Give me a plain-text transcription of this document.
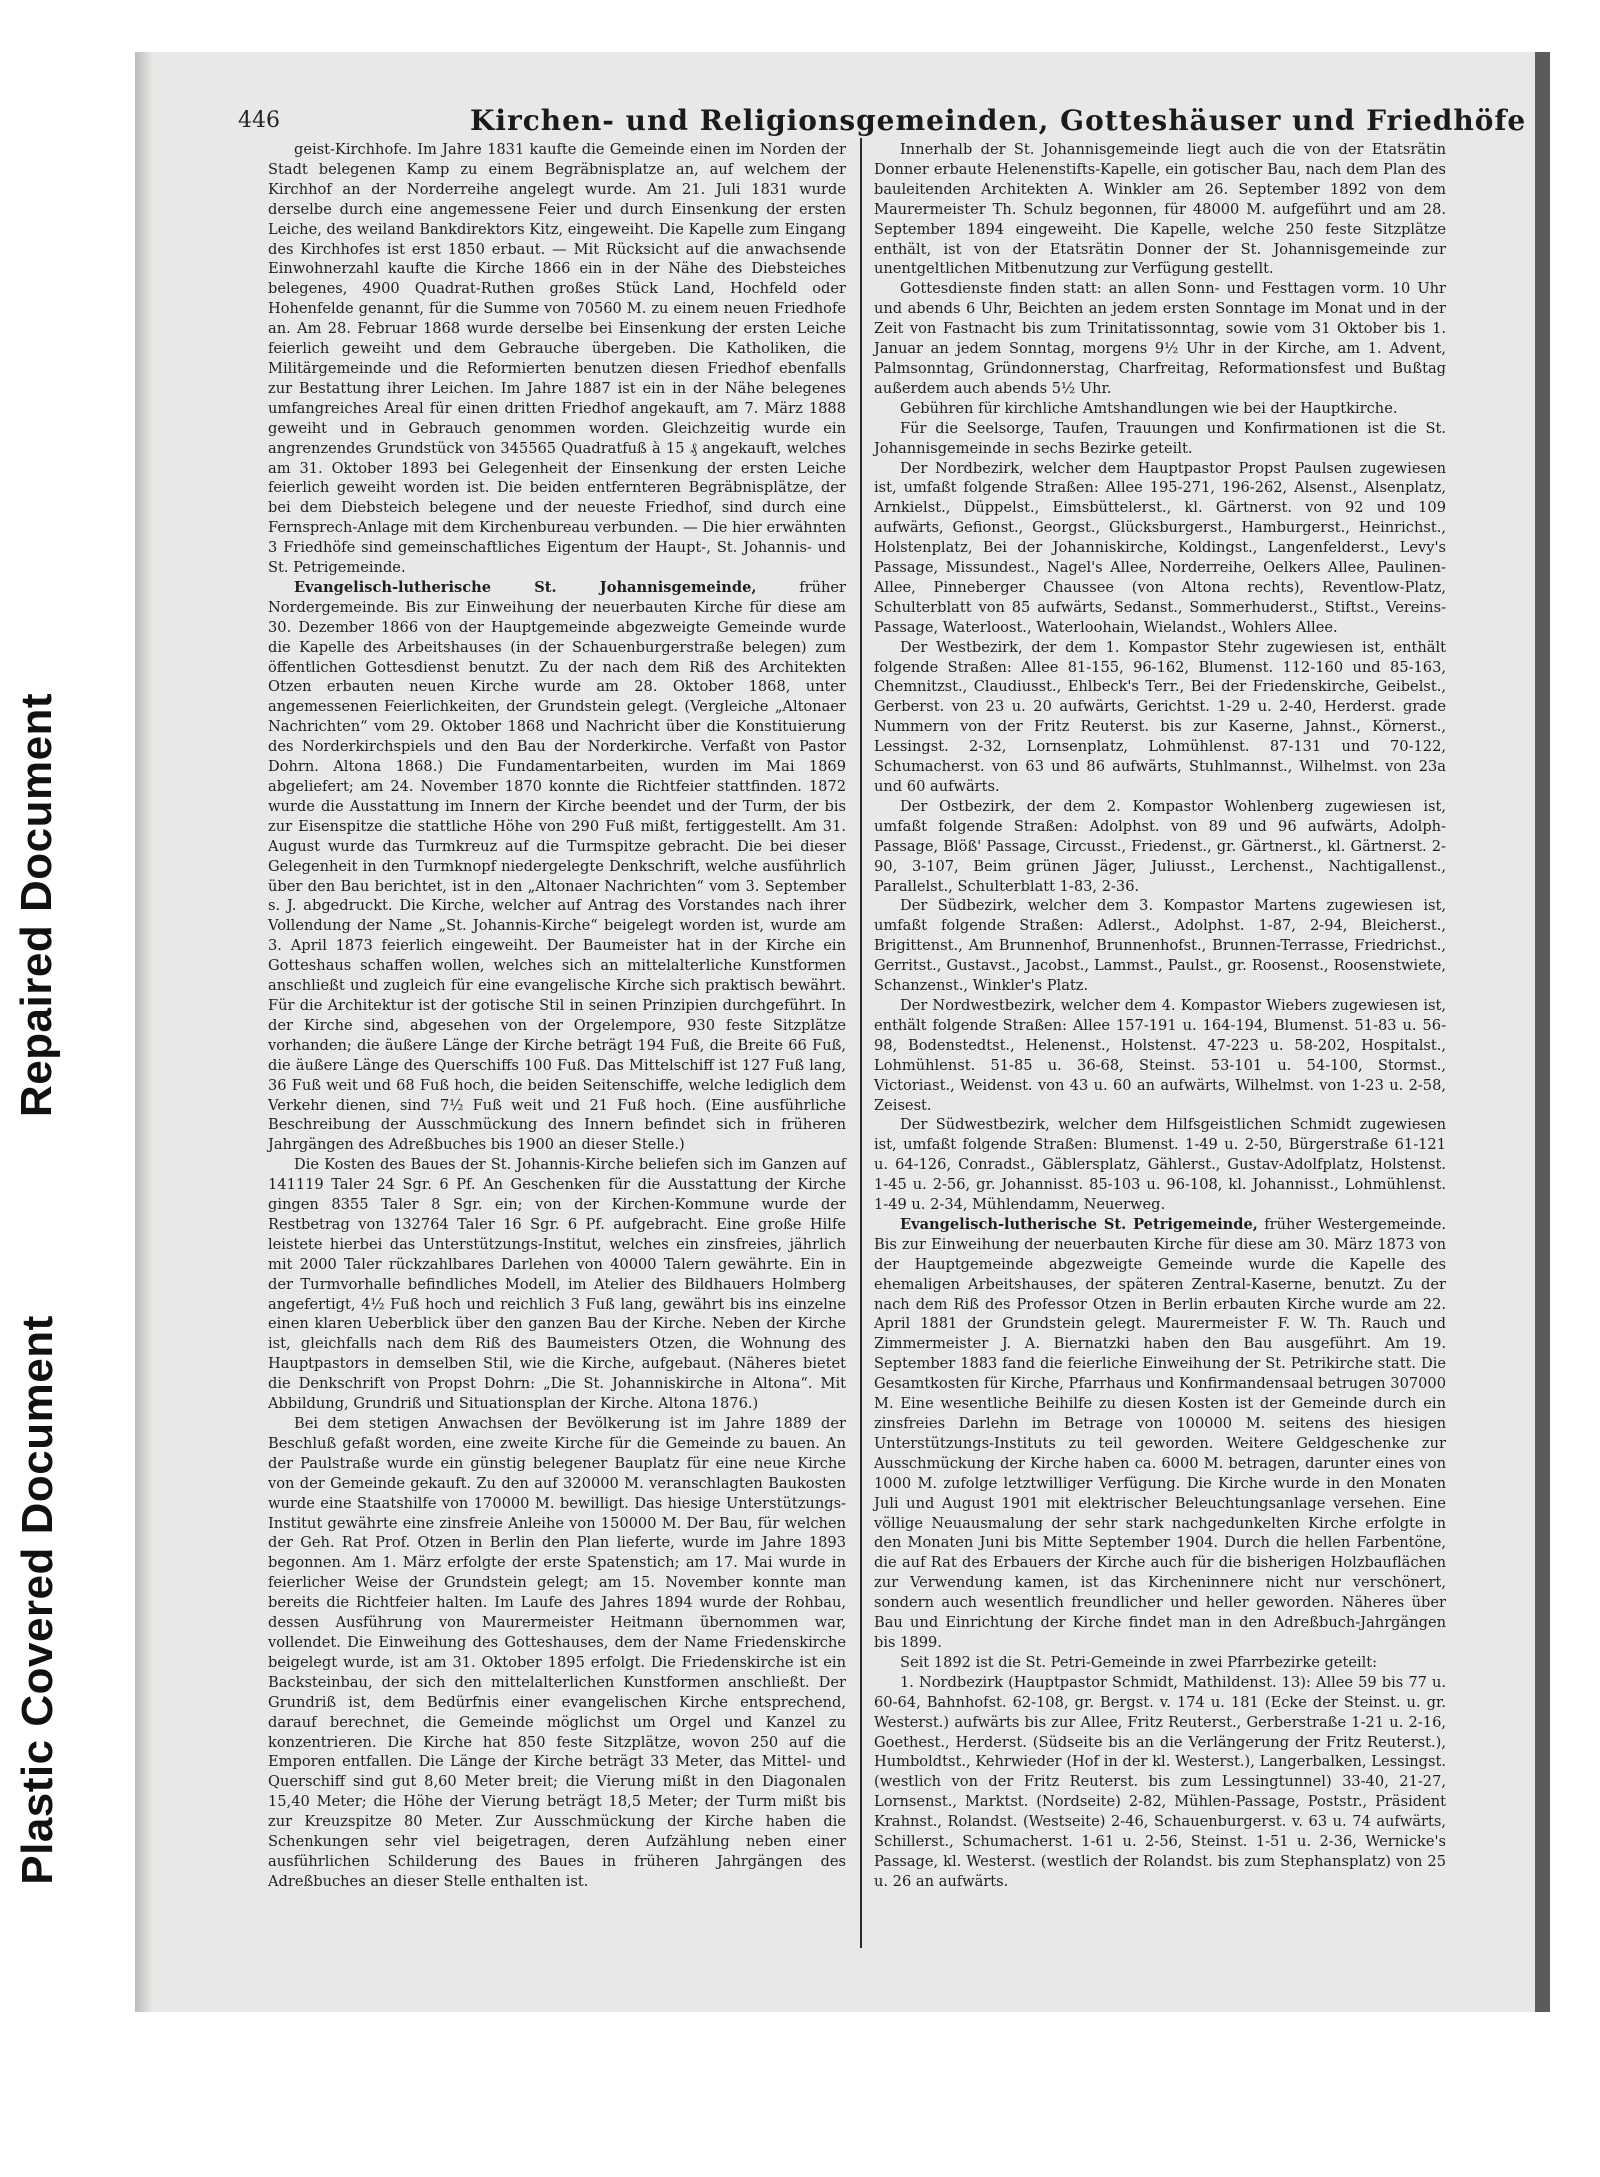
Repaired Document
Plastic Covered Document
446	Kirchen- und Religionsgemeinden, Gotteshäuser und Friedhöfe

geist-Kirchhofe. Im Jahre 1831 kaufte die Gemeinde einen im Norden der Stadt belegenen Kamp zu einem Begräbnisplatze an, auf welchem der Kirchhof an der Norderreihe angelegt wurde. Am 21. Juli 1831 wurde derselbe durch eine angemessene Feier und durch Einsenkung der ersten Leiche, des weiland Bankdirektors Kitz, eingeweiht. Die Kapelle zum Eingang des Kirchhofes ist erst 1850 erbaut. — Mit Rücksicht auf die anwachsende Einwohnerzahl kaufte die Kirche 1866 ein in der Nähe des Diebsteiches belegenes, 4900 Quadrat-Ruthen großes Stück Land, Hochfeld oder Hohenfelde genannt, für die Summe von 70560 M. zu einem neuen Friedhofe an. Am 28. Februar 1868 wurde derselbe bei Einsenkung der ersten Leiche feierlich geweiht und dem Gebrauche übergeben. Die Katholiken, die Militärgemeinde und die Reformierten benutzen diesen Friedhof ebenfalls zur Bestattung ihrer Leichen. Im Jahre 1887 ist ein in der Nähe belegenes umfangreiches Areal für einen dritten Friedhof angekauft, am 7. März 1888 geweiht und in Gebrauch genommen worden. Gleichzeitig wurde ein angrenzendes Grundstück von 345565 Quadratfuß à 15 ₰ angekauft, welches am 31. Oktober 1893 bei Gelegenheit der Einsenkung der ersten Leiche feierlich geweiht worden ist. Die beiden entfernteren Begräbnisplätze, der bei dem Diebsteich belegene und der neueste Friedhof, sind durch eine Fernsprech-Anlage mit dem Kirchenbureau verbunden. — Die hier erwähnten 3 Friedhöfe sind gemeinschaftliches Eigentum der Haupt-, St. Johannis- und St. Petrigemeinde.

Evangelisch-lutherische St. Johannisgemeinde,	früher Nordergemeinde. Bis zur Einweihung der neuerbauten Kirche für diese am 30. Dezember 1866 von der Hauptgemeinde abgezweigte Gemeinde wurde die Kapelle des Arbeitshauses (in der Schauenburgerstraße belegen) zum öffentlichen Gottesdienst benutzt. Zu der nach dem Riß des Architekten Otzen erbauten neuen Kirche wurde am 28. Oktober 1868, unter angemessenen Feierlichkeiten, der Grundstein gelegt. (Vergleiche „Altonaer Nachrichten“ vom 29. Oktober 1868 und Nachricht über die Konstituierung des Norderkirchspiels und den Bau der Norderkirche. Verfaßt von Pastor Dohrn. Altona 1868.) Die Fundamentarbeiten, wurden im Mai 1869 abgeliefert; am 24. November 1870 konnte die Richtfeier stattfinden. 1872 wurde die Ausstattung im Innern der Kirche beendet und der Turm, der bis zur Eisenspitze die stattliche Höhe von 290 Fuß mißt, fertiggestellt. Am 31. August wurde das Turmkreuz auf die Turmspitze gebracht. Die bei dieser Gelegenheit in den Turmknopf niedergelegte Denkschrift, welche ausführlich über den Bau berichtet, ist in den „Altonaer Nachrichten“ vom 3. September s. J. abgedruckt. Die Kirche, welcher auf Antrag des Vorstandes nach ihrer Vollendung der Name „St. Johannis-Kirche“ beigelegt worden ist, wurde am 3. April 1873 feierlich eingeweiht. Der Baumeister hat in der Kirche ein Gotteshaus schaffen wollen, welches sich an mittelalterliche Kunstformen anschließt und zugleich für eine evangelische Kirche sich praktisch bewährt. Für die Architektur ist der gotische Stil in seinen Prinzipien durchgeführt. In der Kirche sind, abgesehen von der Orgelempore, 930 feste Sitzplätze vorhanden; die äußere Länge der Kirche beträgt 194 Fuß, die Breite 66 Fuß, die äußere Länge des Querschiffs 100 Fuß. Das Mittelschiff ist 127 Fuß lang, 36 Fuß weit und 68 Fuß hoch, die beiden Seitenschiffe, welche lediglich dem Verkehr dienen, sind 7½ Fuß weit und 21 Fuß hoch. (Eine ausführliche Beschreibung der Ausschmückung des Innern befindet sich in früheren Jahrgängen des Adreßbuches bis 1900 an dieser Stelle.)

Die Kosten des Baues der St. Johannis-Kirche beliefen sich im Ganzen auf 141119 Taler 24 Sgr. 6 Pf. An Geschenken für die Ausstattung der Kirche gingen 8355 Taler 8 Sgr. ein; von der Kirchen-Kommune wurde der Restbetrag von 132764 Taler 16 Sgr. 6 Pf. aufgebracht. Eine große Hilfe leistete hierbei das Unterstützungs-Institut, welches ein zinsfreies, jährlich mit 2000 Taler rückzahlbares Darlehen von 40000 Talern gewährte. Ein in der Turmvorhalle befindliches Modell, im Atelier des Bildhauers Holmberg angefertigt, 4½ Fuß hoch und reichlich 3 Fuß lang, gewährt bis ins einzelne einen klaren Ueberblick über den ganzen Bau der Kirche. Neben der Kirche ist, gleichfalls nach dem Riß des Baumeisters Otzen, die Wohnung des Hauptpastors in demselben Stil, wie die Kirche, aufgebaut. (Näheres bietet die Denkschrift von Propst Dohrn: „Die St. Johanniskirche in Altona“. Mit Abbildung, Grundriß und Situationsplan der Kirche. Altona 1876.)

Bei dem stetigen Anwachsen der Bevölkerung ist im Jahre 1889 der Beschluß gefaßt worden, eine zweite Kirche für die Gemeinde zu bauen. An der Paulstraße wurde ein günstig belegener Bauplatz für eine neue Kirche von der Gemeinde gekauft. Zu den auf 320000 M. veranschlagten Baukosten wurde eine Staatshilfe von 170000 M. bewilligt. Das hiesige Unterstützungs-Institut gewährte eine zinsfreie Anleihe von 150000 M. Der Bau, für welchen der Geh. Rat Prof. Otzen in Berlin den Plan lieferte, wurde im Jahre 1893 begonnen. Am 1. März erfolgte der erste Spatenstich; am 17. Mai wurde in feierlicher Weise der Grundstein gelegt; am 15. November konnte man bereits die Richtfeier halten. Im Laufe des Jahres 1894 wurde der Rohbau, dessen Ausführung von Maurermeister Heitmann übernommen war, vollendet. Die Einweihung des Gotteshauses, dem der Name Friedenskirche beigelegt wurde, ist am 31. Oktober 1895 erfolgt. Die Friedenskirche ist ein Backsteinbau, der sich den mittelalterlichen Kunstformen anschließt. Der Grundriß ist, dem Bedürfnis einer evangelischen Kirche entsprechend, darauf berechnet, die Gemeinde möglichst um Orgel und Kanzel zu konzentrieren. Die Kirche hat 850 feste Sitzplätze, wovon 250 auf die Emporen entfallen. Die Länge der Kirche beträgt 33 Meter, das Mittel- und Querschiff sind gut 8,60 Meter breit; die Vierung mißt in den Diagonalen 15,40 Meter; die Höhe der Vierung beträgt 18,5 Meter; der Turm mißt bis zur Kreuzspitze 80 Meter. Zur Ausschmückung der Kirche haben die Schenkungen sehr viel beigetragen, deren Aufzählung neben einer ausführlichen Schilderung des Baues in früheren Jahrgängen des Adreßbuches an dieser Stelle enthalten ist.

Innerhalb der St. Johannisgemeinde liegt auch die von der Etatsrätin Donner erbaute Helenenstifts-Kapelle, ein gotischer Bau, nach dem Plan des bauleitenden Architekten A. Winkler am 26. September 1892 von dem Maurermeister Th. Schulz begonnen, für 48000 M. aufgeführt und am 28. September 1894 eingeweiht. Die Kapelle, welche 250 feste Sitzplätze enthält, ist von der Etatsrätin Donner der St. Johannisgemeinde zur unentgeltlichen Mitbenutzung zur Verfügung gestellt.

Gottesdienste finden statt: an allen Sonn- und Festtagen vorm. 10 Uhr und abends 6 Uhr, Beichten an jedem ersten Sonntage im Monat und in der Zeit von Fastnacht bis zum Trinitatissonntag, sowie vom 31 Oktober bis 1. Januar an jedem Sonntag, morgens 9½ Uhr in der Kirche, am 1. Advent, Palmsonntag, Gründonnerstag, Charfreitag, Reformationsfest und Bußtag außerdem auch abends 5½ Uhr.

Gebühren für kirchliche Amtshandlungen wie bei der Hauptkirche.

Für die Seelsorge, Taufen, Trauungen und Konfirmationen ist die St. Johannisgemeinde in sechs Bezirke geteilt.

Der Nordbezirk, welcher dem Hauptpastor Propst Paulsen zugewiesen ist, umfaßt folgende Straßen: Allee 195-271, 196-262, Alsenst., Alsenplatz, Arnkielst., Düppelst., Eimsbüttelerst., kl. Gärtnerst. von 92 und 109 aufwärts, Gefionst., Georgst., Glücksburgerst., Hamburgerst., Heinrichst., Holstenplatz, Bei der Johanniskirche, Koldingst., Langenfelderst., Levy's Passage, Missundest., Nagel's Allee, Norderreihe, Oelkers Allee, Paulinen-Allee, Pinneberger Chaussee (von Altona rechts), Reventlow-Platz, Schulterblatt von 85 aufwärts, Sedanst., Sommerhuderst., Stiftst., Vereins-Passage, Waterloost., Waterloohain, Wielandst., Wohlers Allee.

Der Westbezirk, der dem 1. Kompastor Stehr zugewiesen ist, enthält folgende Straßen: Allee 81-155, 96-162, Blumenst. 112-160 und 85-163, Chemnitzst., Claudiusst., Ehlbeck's Terr., Bei der Friedenskirche, Geibelst., Gerberst. von 23 u. 20 aufwärts, Gerichtst. 1-29 u. 2-40, Herderst. grade Nummern von der Fritz Reuterst. bis zur Kaserne, Jahnst., Körnerst., Lessingst. 2-32, Lornsenplatz, Lohmühlenst. 87-131 und 70-122, Schumacherst. von 63 und 86 aufwärts, Stuhlmannst., Wilhelmst. von 23a und 60 aufwärts.

Der Ostbezirk, der dem 2. Kompastor Wohlenberg zugewiesen ist, umfaßt folgende Straßen: Adolphst. von 89 und 96 aufwärts, Adolph-Passage, Blöß' Passage, Circusst., Friedenst., gr. Gärtnerst., kl. Gärtnerst. 2-90, 3-107, Beim grünen Jäger, Juliusst., Lerchenst., Nachtigallenst., Parallelst., Schulterblatt 1-83, 2-36.

Der Südbezirk, welcher dem 3. Kompastor Martens zugewiesen ist, umfaßt folgende Straßen: Adlerst., Adolphst. 1-87, 2-94, Bleicherst., Brigittenst., Am Brunnenhof, Brunnenhofst., Brunnen-Terrasse, Friedrichst., Gerritst., Gustavst., Jacobst., Lammst., Paulst., gr. Roosenst., Roosenstwiete, Schanzenst., Winkler's Platz.

Der Nordwestbezirk, welcher dem 4. Kompastor Wiebers zugewiesen ist, enthält folgende Straßen: Allee 157-191 u. 164-194, Blumenst. 51-83 u. 56-98, Bodenstedtst., Helenenst., Holstenst. 47-223 u. 58-202, Hospitalst., Lohmühlenst. 51-85 u. 36-68, Steinst. 53-101 u. 54-100, Stormst., Victoriast., Weidenst. von 43 u. 60 an aufwärts, Wilhelmst. von 1-23 u. 2-58, Zeisest.

Der Südwestbezirk, welcher dem Hilfsgeistlichen Schmidt zugewiesen ist, umfaßt folgende Straßen: Blumenst. 1-49 u. 2-50, Bürgerstraße 61-121 u. 64-126, Conradst., Gäblersplatz, Gählerst., Gustav-Adolfplatz, Holstenst. 1-45 u. 2-56, gr. Johannisst. 85-103 u. 96-108, kl. Johannisst., Lohmühlenst. 1-49 u. 2-34, Mühlendamm, Neuerweg.

Evangelisch-lutherische St. Petrigemeinde, früher Westergemeinde. Bis zur Einweihung der neuerbauten Kirche für diese am 30. März 1873 von der Hauptgemeinde abgezweigte Gemeinde wurde die Kapelle des ehemaligen Arbeitshauses, der späteren Zentral-Kaserne, benutzt. Zu der nach dem Riß des Professor Otzen in Berlin erbauten Kirche wurde am 22. April 1881 der Grundstein gelegt. Maurermeister F. W. Th. Rauch und Zimmermeister J. A. Biernatzki haben den Bau ausgeführt. Am 19. September 1883 fand die feierliche Einweihung der St. Petrikirche statt. Die Gesamtkosten für Kirche, Pfarrhaus und Konfirmandensaal betrugen 307000 M. Eine wesentliche Beihilfe zu diesen Kosten ist der Gemeinde durch ein zinsfreies Darlehn im Betrage von 100000 M. seitens des hiesigen Unterstützungs-Instituts zu teil geworden. Weitere Geldgeschenke zur Ausschmückung der Kirche haben ca. 6000 M. betragen, darunter eines von 1000 M. zufolge letztwilliger Verfügung. Die Kirche wurde in den Monaten Juli und August 1901 mit elektrischer Beleuchtungsanlage versehen. Eine völlige Neuausmalung der sehr stark nachgedunkelten Kirche erfolgte in den Monaten Juni bis Mitte September 1904. Durch die hellen Farbentöne, die auf Rat des Erbauers der Kirche auch für die bisherigen Holzbauflächen zur Verwendung kamen, ist das Kircheninnere nicht nur verschönert, sondern auch wesentlich freundlicher und heller geworden. Näheres über Bau und Einrichtung der Kirche findet man in den Adreßbuch-Jahrgängen bis 1899.

Seit 1892 ist die St. Petri-Gemeinde in zwei Pfarrbezirke geteilt:

1. Nordbezirk (Hauptpastor Schmidt, Mathildenst. 13): Allee 59 bis 77 u. 60-64, Bahnhofst. 62-108, gr. Bergst. v. 174 u. 181 (Ecke der Steinst. u. gr. Westerst.) aufwärts bis zur Allee, Fritz Reuterst., Gerberstraße 1-21 u. 2-16, Goethest., Herderst. (Südseite bis an die Verlängerung der Fritz Reuterst.), Humboldtst., Kehrwieder (Hof in der kl. Westerst.), Langerbalken, Lessingst. (westlich von der Fritz Reuterst. bis zum Lessingtunnel) 33-40, 21-27, Lornsenst., Marktst. (Nordseite) 2-82, Mühlen-Passage, Poststr., Präsident Krahnst., Rolandst. (Westseite) 2-46, Schauenburgerst. v. 63 u. 74 aufwärts, Schillerst., Schumacherst. 1-61 u. 2-56, Steinst. 1-51 u. 2-36, Wernicke's Passage, kl. Westerst. (westlich der Rolandst. bis zum Stephansplatz) von 25 u. 26 an aufwärts.
